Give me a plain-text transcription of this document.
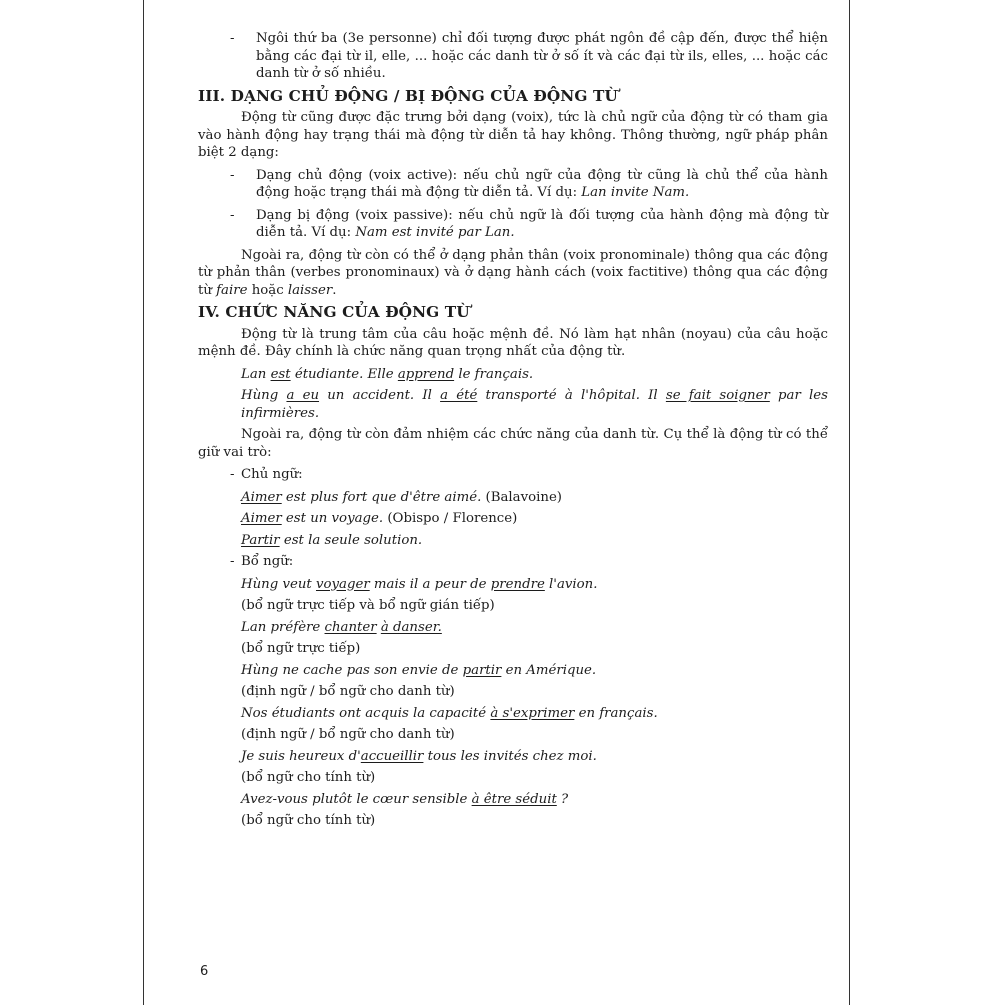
- Ngôi thứ ba (3e personne) chỉ đối tượng được phát ngôn đề cập đến, được thể hiện bằng các đại từ il, elle, ... hoặc các danh từ ở số ít và các đại từ ils, elles, ... hoặc các danh từ ở số nhiều.

III. DẠNG CHỦ ĐỘNG / BỊ ĐỘNG CỦA ĐỘNG TỪ

Động từ cũng được đặc trưng bởi dạng (voix), tức là chủ ngữ của động từ có tham gia vào hành động hay trạng thái mà động từ diễn tả hay không. Thông thường, ngữ pháp phân biệt 2 dạng:

- Dạng chủ động (voix active): nếu chủ ngữ của động từ cũng là chủ thể của hành động hoặc trạng thái mà động từ diễn tả. Ví dụ: Lan invite Nam.

- Dạng bị động (voix passive): nếu chủ ngữ là đối tượng của hành động mà động từ diễn tả. Ví dụ: Nam est invité par Lan.

Ngoài ra, động từ còn có thể ở dạng phản thân (voix pronominale) thông qua các động từ phản thân (verbes pronominaux) và ở dạng hành cách (voix factitive) thông qua các động từ faire hoặc laisser.

IV. CHỨC NĂNG CỦA ĐỘNG TỪ

Động từ là trung tâm của câu hoặc mệnh đề. Nó làm hạt nhân (noyau) của câu hoặc mệnh đề. Đây chính là chức năng quan trọng nhất của động từ.

Lan est étudiante. Elle apprend le français.

Hùng a eu un accident. Il a été transporté à l'hôpital. Il se fait soigner par les infirmières.

Ngoài ra, động từ còn đảm nhiệm các chức năng của danh từ. Cụ thể là động từ có thể giữ vai trò:

- Chủ ngữ:

Aimer est plus fort que d'être aimé. (Balavoine)

Aimer est un voyage. (Obispo / Florence)

Partir est la seule solution.

- Bổ ngữ:

Hùng veut voyager mais il a peur de prendre l'avion.

(bổ ngữ trực tiếp và bổ ngữ gián tiếp)

Lan préfère chanter à danser.

(bổ ngữ trực tiếp)

Hùng ne cache pas son envie de partir en Amérique.

(định ngữ / bổ ngữ cho danh từ)

Nos étudiants ont acquis la capacité à s'exprimer en français.

(định ngữ / bổ ngữ cho danh từ)

Je suis heureux d'accueillir tous les invités chez moi.

(bổ ngữ cho tính từ)

Avez-vous plutôt le cœur sensible à être séduit ?

(bổ ngữ cho tính từ)

6
